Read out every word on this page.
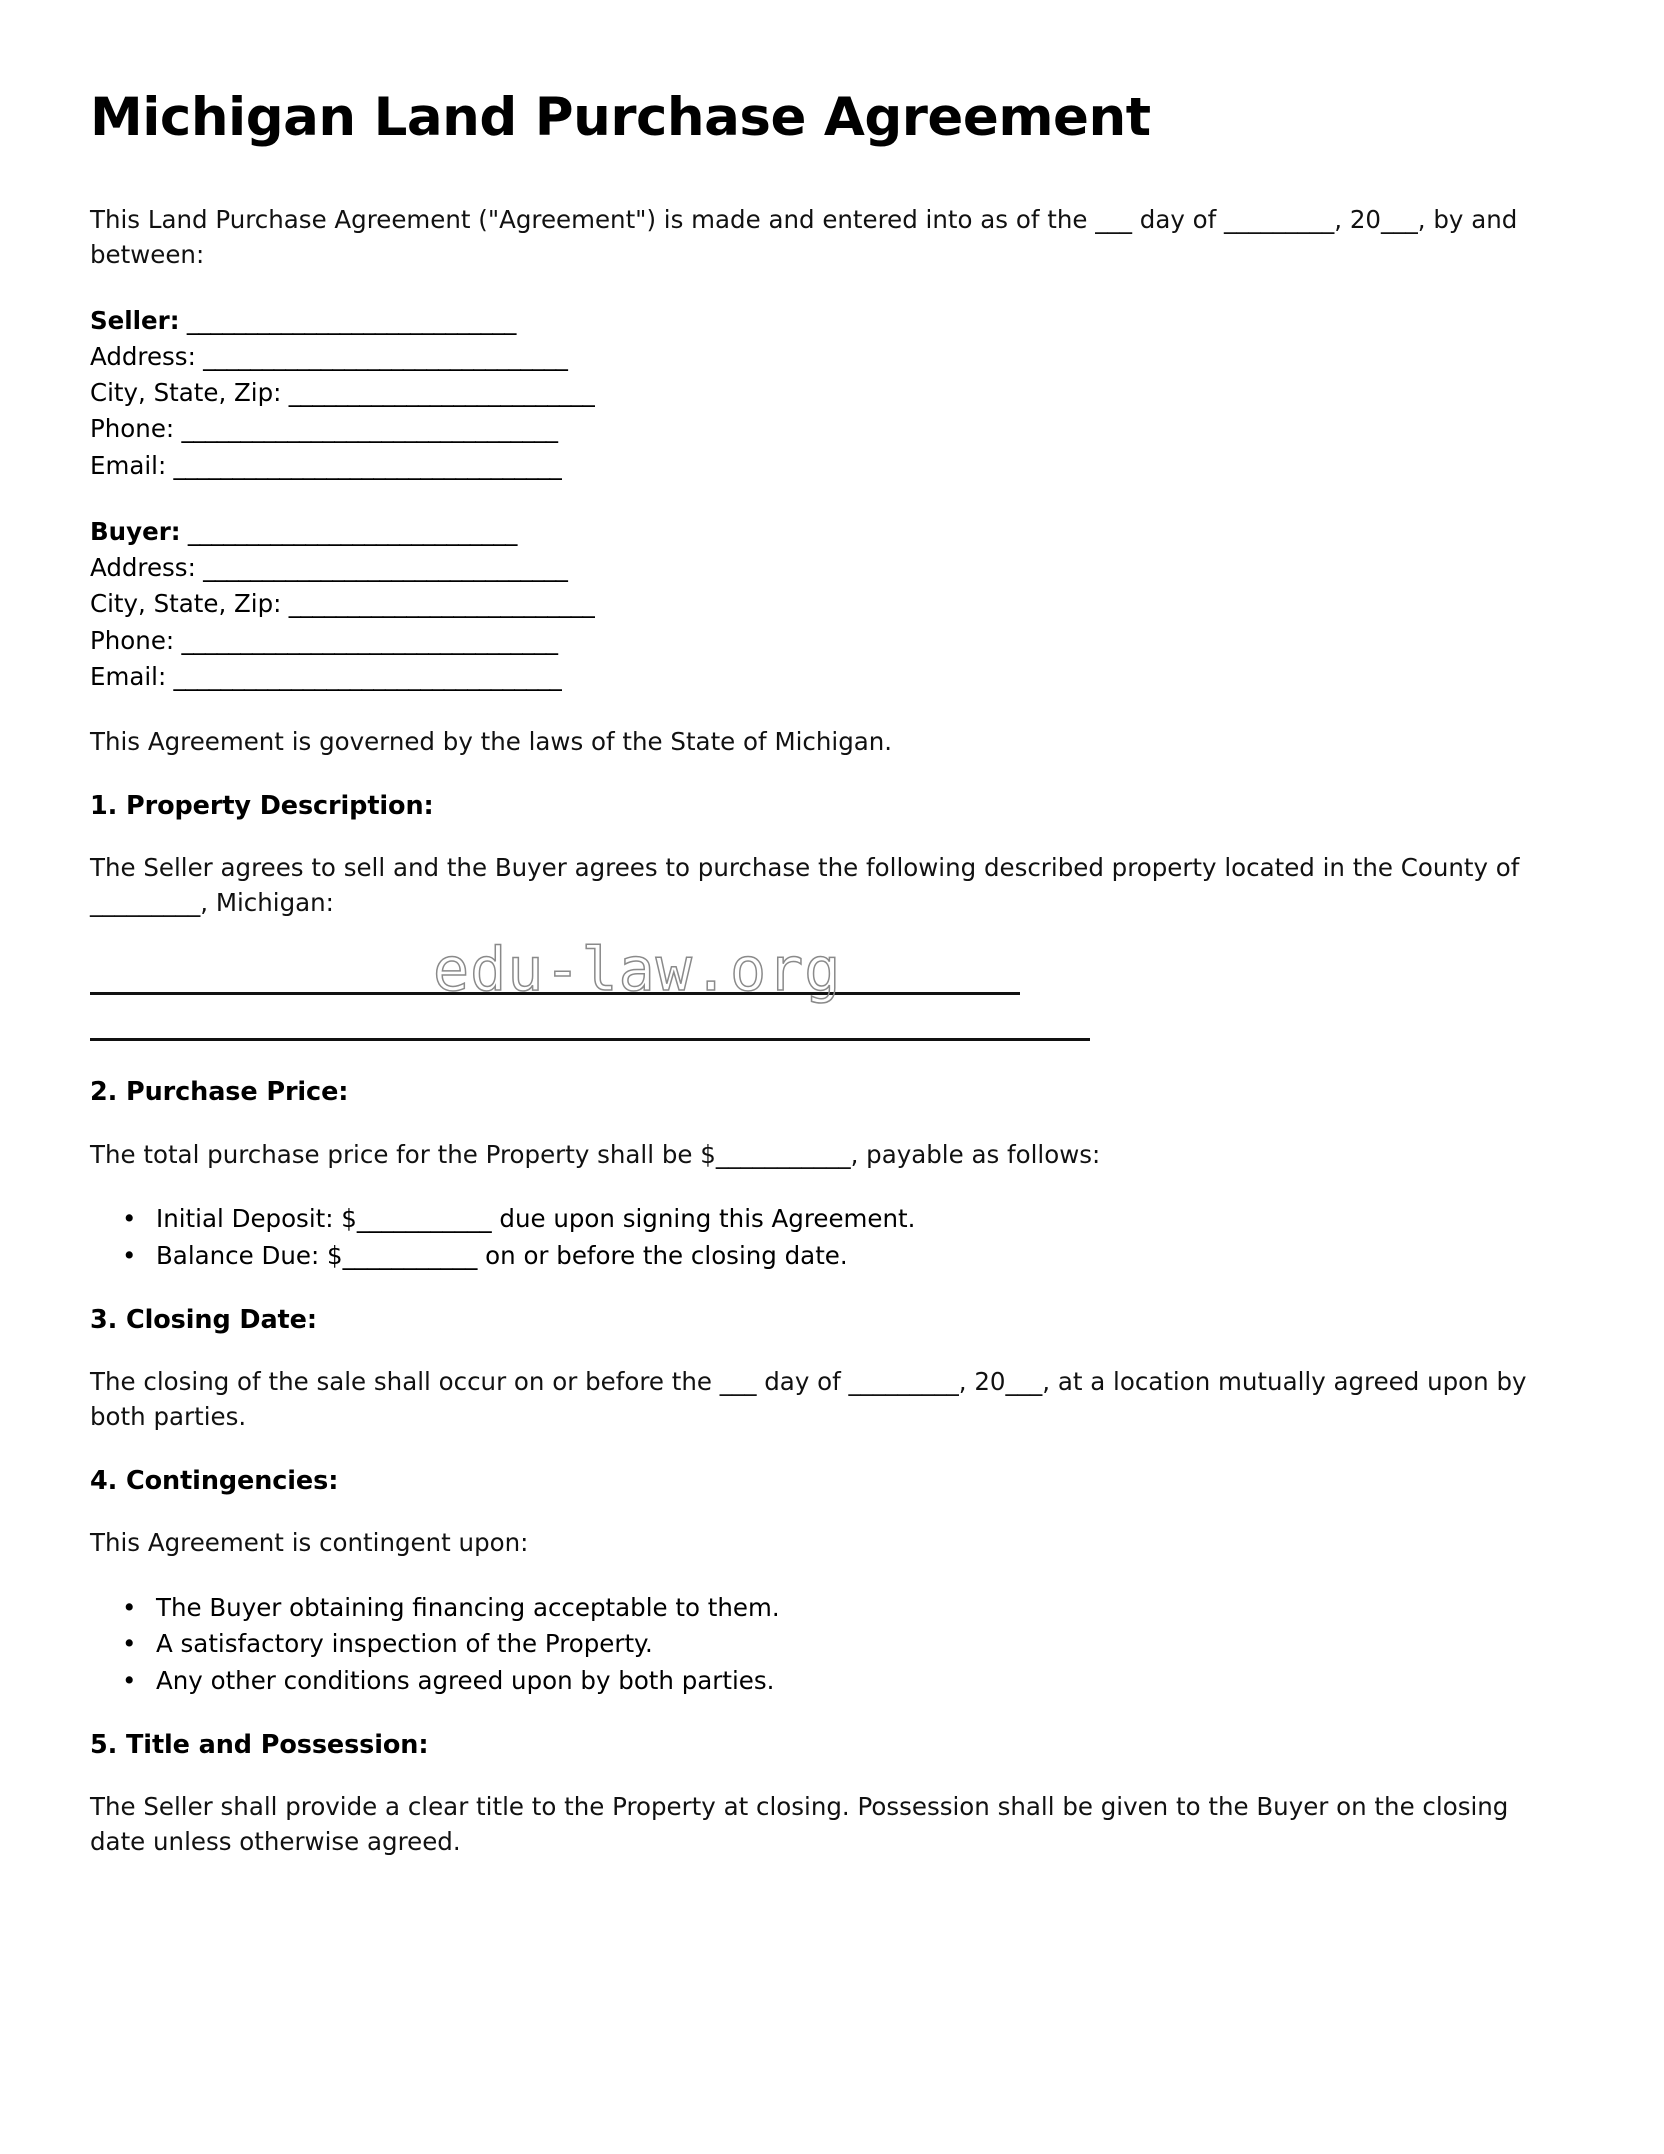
Michigan Land Purchase Agreement

This Land Purchase Agreement ("Agreement") is made and entered into as of the ___ day of _________, 20___, by and between:

Seller: ____________________________
Address: _______________________________
City, State, Zip: __________________________
Phone: ________________________________
Email: _________________________________
Buyer: ____________________________
Address: _______________________________
City, State, Zip: __________________________
Phone: ________________________________
Email: _________________________________

This Agreement is governed by the laws of the State of Michigan.

1. Property Description:

The Seller agrees to sell and the Buyer agrees to purchase the following described property located in the County of _________, Michigan:

edu-law.org
2. Purchase Price:

The total purchase price for the Property shall be $___________, payable as follows:

• Initial Deposit: $___________ due upon signing this Agreement.
• Balance Due: $___________ on or before the closing date.
3. Closing Date:

The closing of the sale shall occur on or before the ___ day of _________, 20___, at a location mutually agreed upon by both parties.

4. Contingencies:

This Agreement is contingent upon:

• The Buyer obtaining financing acceptable to them.
• A satisfactory inspection of the Property.
• Any other conditions agreed upon by both parties.
5. Title and Possession:

The Seller shall provide a clear title to the Property at closing. Possession shall be given to the Buyer on the closing date unless otherwise agreed.
